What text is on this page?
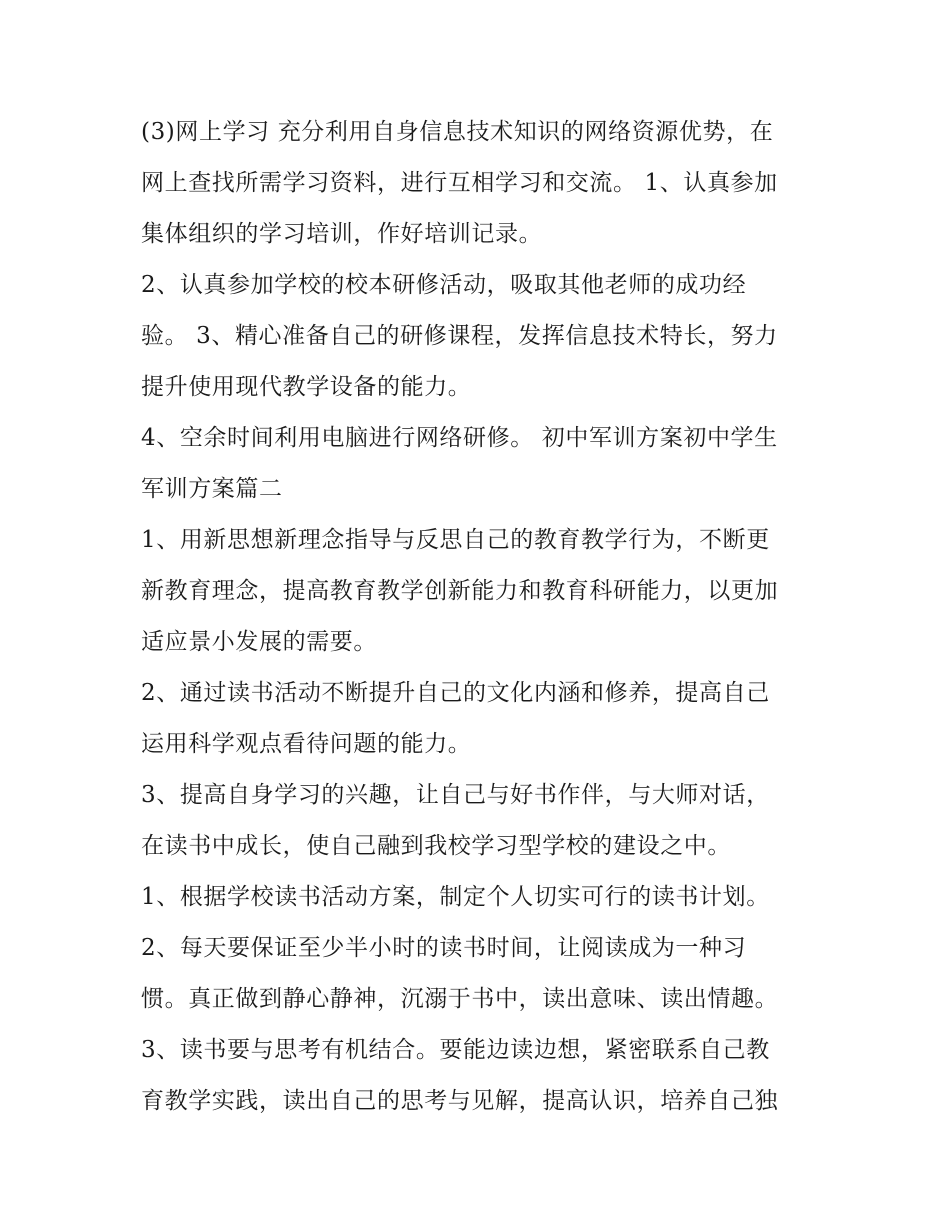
(3)网上学习 充分利用自身信息技术知识的网络资源优势，在
网上查找所需学习资料，进行互相学习和交流。 1、认真参加
集体组织的学习培训，作好培训记录。
2、认真参加学校的校本研修活动，吸取其他老师的成功经
验。 3、精心准备自己的研修课程，发挥信息技术特长，努力
提升使用现代教学设备的能力。
4、空余时间利用电脑进行网络研修。 初中军训方案初中学生
军训方案篇二
1、用新思想新理念指导与反思自己的教育教学行为，不断更
新教育理念，提高教育教学创新能力和教育科研能力，以更加
适应景小发展的需要。
2、通过读书活动不断提升自己的文化内涵和修养，提高自己
运用科学观点看待问题的能力。
3、提高自身学习的兴趣，让自己与好书作伴，与大师对话，
在读书中成长，使自己融到我校学习型学校的建设之中。
1、根据学校读书活动方案，制定个人切实可行的读书计划。
2、每天要保证至少半小时的读书时间，让阅读成为一种习
惯。真正做到静心静神，沉溺于书中，读出意味、读出情趣。
3、读书要与思考有机结合。要能边读边想，紧密联系自己教
育教学实践，读出自己的思考与见解，提高认识，培养自己独
